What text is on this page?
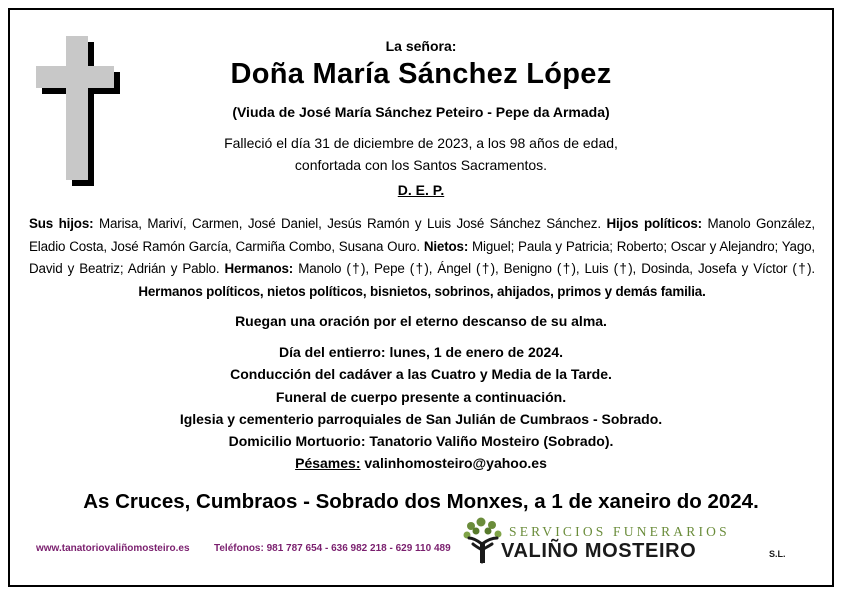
La señora:
Doña María Sánchez López
(Viuda de José María Sánchez Peteiro - Pepe da Armada)
Falleció el día 31 de diciembre de 2023, a los 98 años de edad,
confortada con los Santos Sacramentos.
D. E. P.
Sus hijos: Marisa, Mariví, Carmen, José Daniel, Jesús Ramón y Luis José Sánchez Sánchez. Hijos políticos: Manolo González, Eladio Costa, José Ramón García, Carmiña Combo, Susana Ouro. Nietos: Miguel; Paula y Patricia; Roberto; Oscar y Alejandro; Yago, David y Beatriz; Adrián y Pablo. Hermanos: Manolo (†), Pepe (†), Ángel (†), Benigno (†), Luis (†), Dosinda, Josefa y Víctor (†). Hermanos políticos, nietos políticos, bisnietos, sobrinos, ahijados, primos y demás familia.
Ruegan una oración por el eterno descanso de su alma.
Día del entierro: lunes, 1 de enero de 2024.
Conducción del cadáver a las Cuatro y Media de la Tarde.
Funeral de cuerpo presente a continuación.
Iglesia y cementerio parroquiales de San Julián de Cumbraos - Sobrado.
Domicilio Mortuorio: Tanatorio Valiño Mosteiro (Sobrado).
Pésames: valinhomosteiro@yahoo.es
As Cruces, Cumbraos - Sobrado dos Monxes, a 1 de xaneiro do 2024.
www.tanatoriovaliñomosteiro.es Teléfonos: 981 787 654 - 636 982 218 - 629 110 489
SERVICIOS FUNERARIOS
VALIÑO MOSTEIRO	S.L.
